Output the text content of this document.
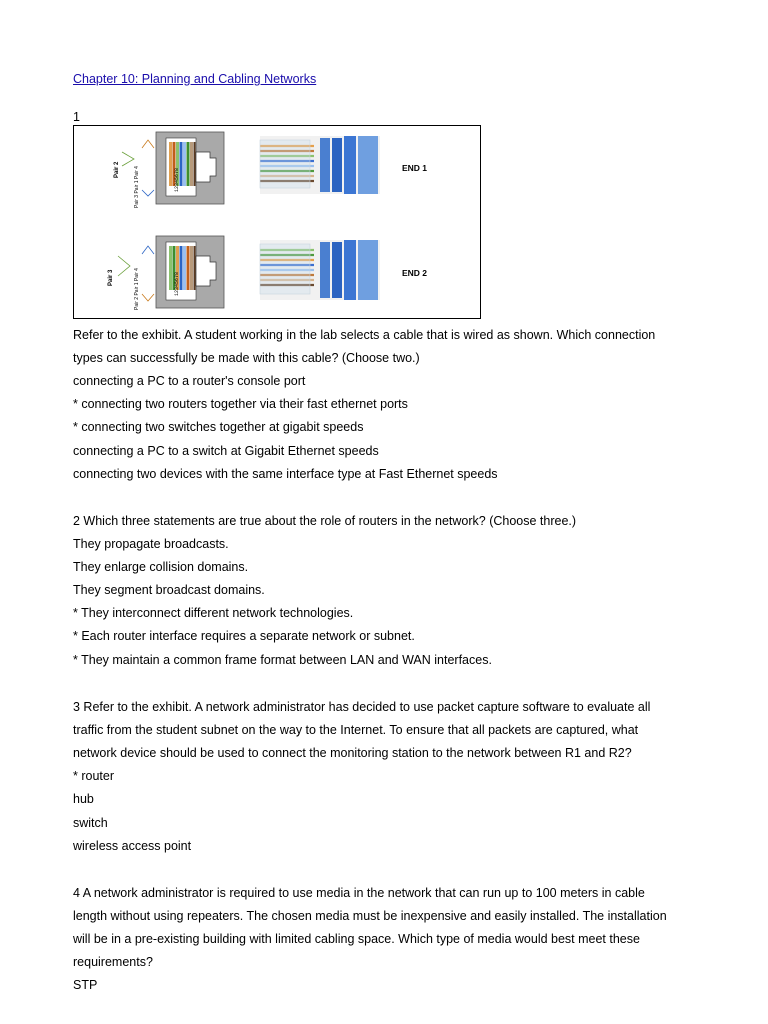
Chapter 10: Planning and Cabling Networks
1
Pair 2	Pair 3 Pair 1 Pair 4	12345678	END 1
Pair 3	Pair 2 Pair 1 Pair 4	12345678	END 2
Refer to the exhibit. A student working in the lab selects a cable that is wired as shown. Which connection
types can successfully be made with this cable? (Choose two.)
connecting a PC to a router's console port
* connecting two routers together via their fast ethernet ports
* connecting two switches together at gigabit speeds
connecting a PC to a switch at Gigabit Ethernet speeds
connecting two devices with the same interface type at Fast Ethernet speeds
2 Which three statements are true about the role of routers in the network? (Choose three.)
They propagate broadcasts.
They enlarge collision domains.
They segment broadcast domains.
* They interconnect different network technologies.
* Each router interface requires a separate network or subnet.
* They maintain a common frame format between LAN and WAN interfaces.
3 Refer to the exhibit. A network administrator has decided to use packet capture software to evaluate all
traffic from the student subnet on the way to the Internet. To ensure that all packets are captured, what
network device should be used to connect the monitoring station to the network between R1 and R2?
* router
hub
switch
wireless access point
4 A network administrator is required to use media in the network that can run up to 100 meters in cable
length without using repeaters. The chosen media must be inexpensive and easily installed. The installation
will be in a pre-existing building with limited cabling space. Which type of media would best meet these
requirements?
STP
